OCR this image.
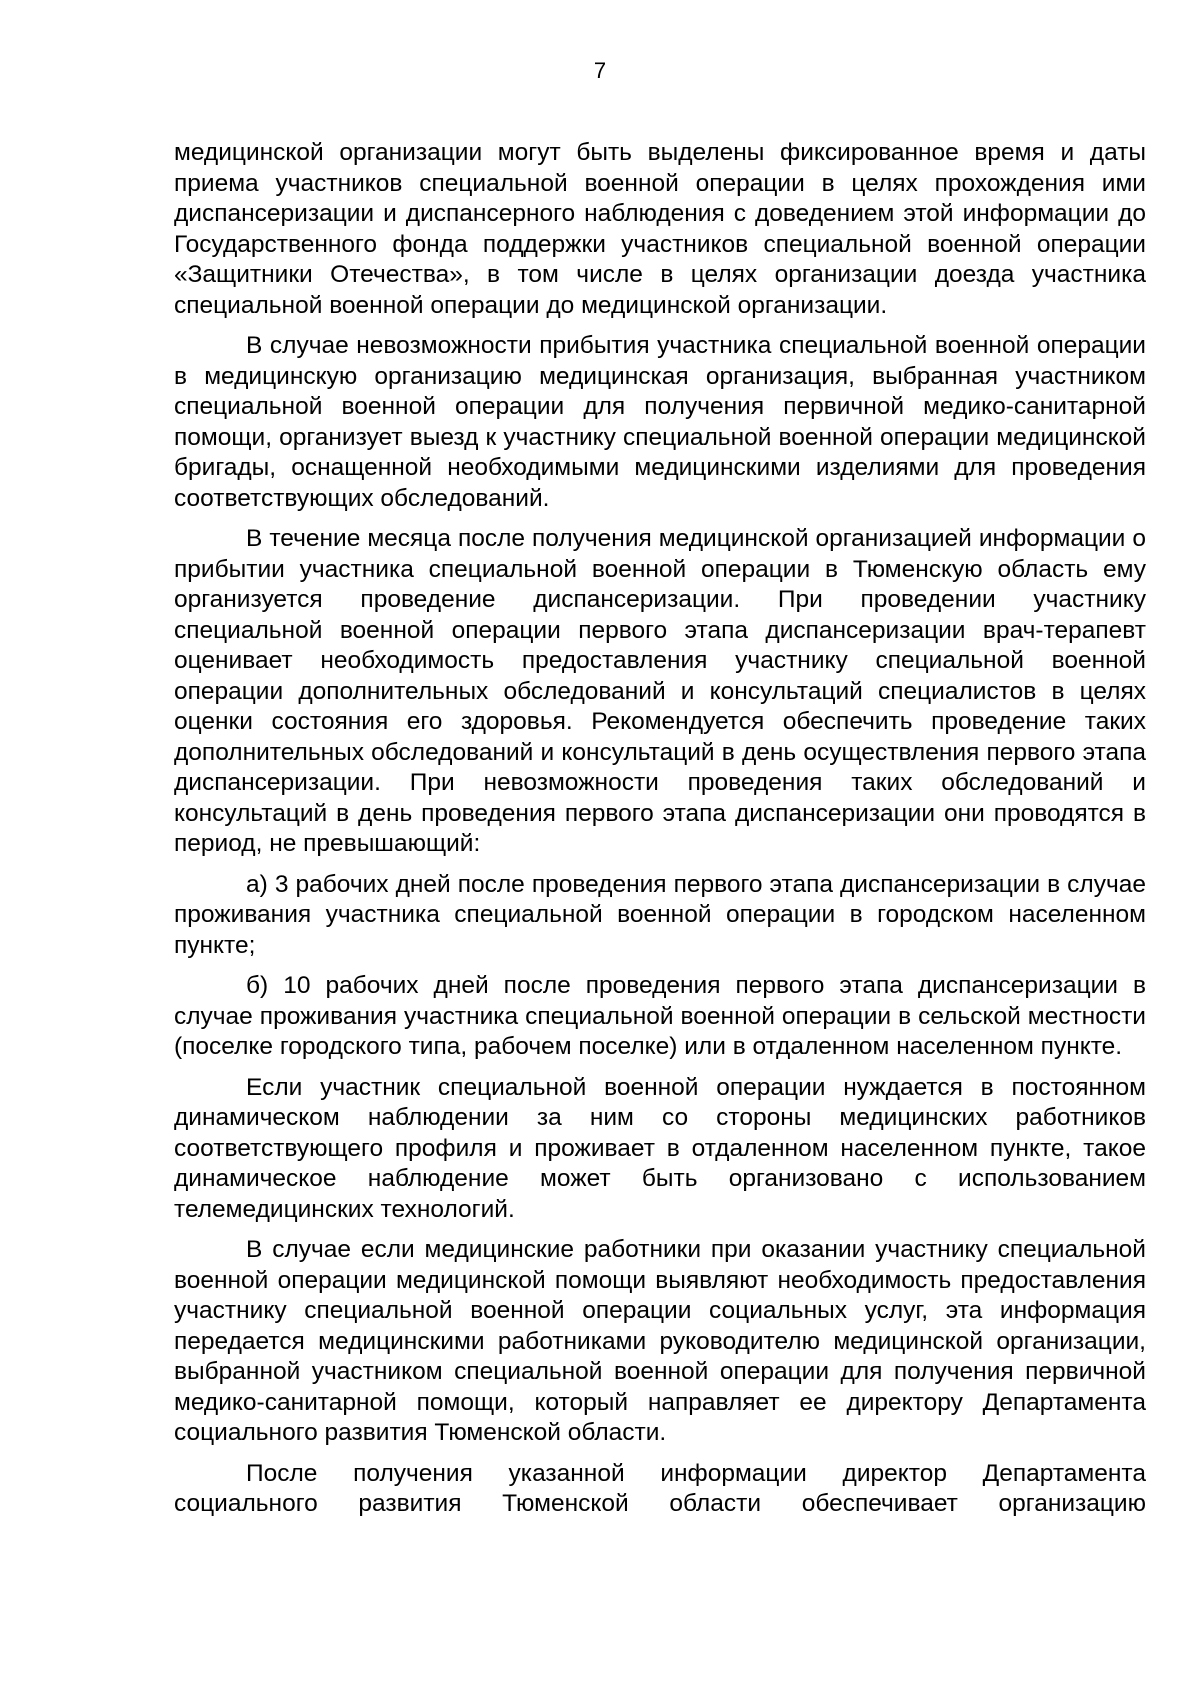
7

медицинской организации могут быть выделены фиксированное время и даты приема участников специальной военной операции в целях прохождения ими диспансеризации и диспансерного наблюдения с доведением этой информации до Государственного фонда поддержки участников специальной военной операции «Защитники Отечества», в том числе в целях организации доезда участника специальной военной операции до медицинской организации.

В случае невозможности прибытия участника специальной военной операции в медицинскую организацию медицинская организация, выбранная участником специальной военной операции для получения первичной медико-санитарной помощи, организует выезд к участнику специальной военной операции медицинской бригады, оснащенной необходимыми медицинскими изделиями для проведения соответствующих обследований.

В течение месяца после получения медицинской организацией информации о прибытии участника специальной военной операции в Тюменскую область ему организуется проведение диспансеризации. При проведении участнику специальной военной операции первого этапа диспансеризации врач-терапевт оценивает необходимость предоставления участнику специальной военной операции дополнительных обследований и консультаций специалистов в целях оценки состояния его здоровья. Рекомендуется обеспечить проведение таких дополнительных обследований и консультаций в день осуществления первого этапа диспансеризации. При невозможности проведения таких обследований и консультаций в день проведения первого этапа диспансеризации они проводятся в период, не превышающий:

а) 3 рабочих дней после проведения первого этапа диспансеризации в случае проживания участника специальной военной операции в городском населенном пункте;

б) 10 рабочих дней после проведения первого этапа диспансеризации в случае проживания участника специальной военной операции в сельской местности (поселке городского типа, рабочем поселке) или в отдаленном населенном пункте.

Если участник специальной военной операции нуждается в постоянном динамическом наблюдении за ним со стороны медицинских работников соответствующего профиля и проживает в отдаленном населенном пункте, такое динамическое наблюдение может быть организовано с использованием телемедицинских технологий.

В случае если медицинские работники при оказании участнику специальной военной операции медицинской помощи выявляют необходимость предоставления участнику специальной военной операции социальных услуг, эта информация передается медицинскими работниками руководителю медицинской организации, выбранной участником специальной военной операции для получения первичной медико-санитарной помощи, который направляет ее директору Департамента социального развития Тюменской области.

После получения указанной информации директор Департамента социального развития Тюменской области обеспечивает организацию
